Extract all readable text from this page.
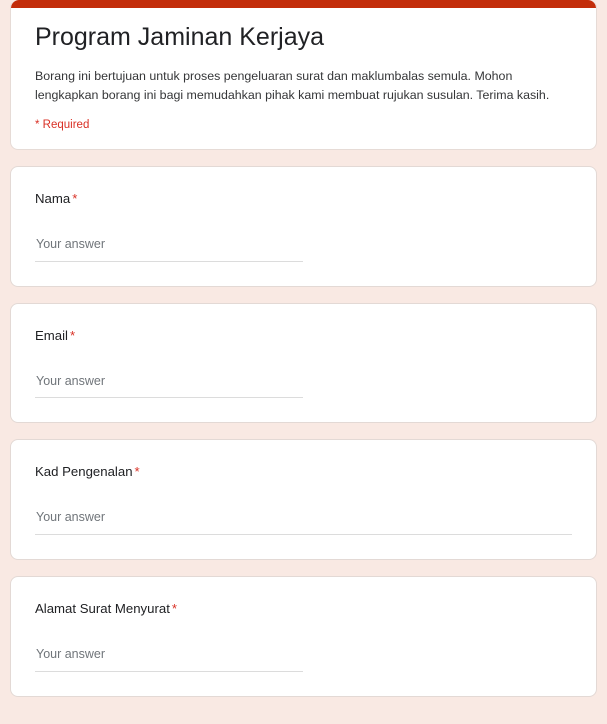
Program Jaminan Kerjaya

Borang ini bertujuan untuk proses pengeluaran surat dan maklumbalas semula. Mohon lengkapkan borang ini bagi memudahkan pihak kami membuat rujukan susulan. Terima kasih.

* Required

Nama *
Your answer
Email *
Your answer
Kad Pengenalan *
Your answer
Alamat Surat Menyurat *
Your answer
